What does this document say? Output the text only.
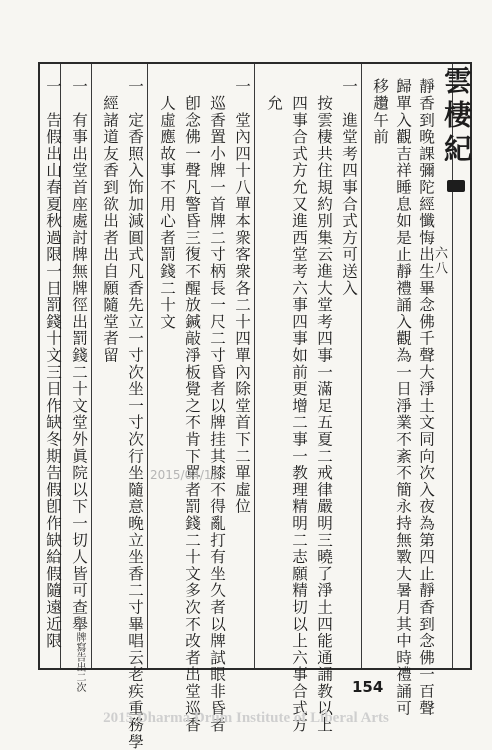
雲棲紀
六八
靜香到晚課彌陀經懺悔出生畢念佛千聲大淨土文同向次入夜為第四止靜香到念佛一百聲
歸單入觀吉祥睡息如是止靜禮誦入觀為一日淨業不紊不簡永持無斁大暑月其中時禮誦可
移趲午前
一　進堂考四事合式方可送入
　按雲棲共住規約別集云進大堂考四事一滿足五夏二戒律嚴明三曉了淨土四能通誦教以上
　四事合式方允又進西堂考六事四事如前更增二事一教理精明二志願精切以上六事合式方
　允
一　堂內四十八單本衆客衆各二十四單內除堂首下二單虛位
　巡香置小牌一首牌二寸柄長一尺二寸昏者以牌挂其膝不得亂打有坐久者以牌試眼非昏者
　卽念佛一聲凡警昏三復不醒放鍼敲淨板覺之不肯下單者罰錢二十文多次不改者出堂巡香
　人虛應故事不用心者罰錢二十文
一　定香照入饰加減圓式凡香先立一寸次坐一寸次行坐隨意晚立坐香二寸畢唱云老疾重務學
　經諸道友香到欲出者出自願隨堂者留
一　有事出堂首座處討牌無牌徑出罰錢二十文堂外眞院以下一切人皆可查舉牌寫告出二次
一　告假出山春夏秋過限一日罰錢十文三日作缺冬期告假卽作缺給假隨遠近限	2015/04/17
154
2015 Dharma Drum Institute of Liberal Arts
